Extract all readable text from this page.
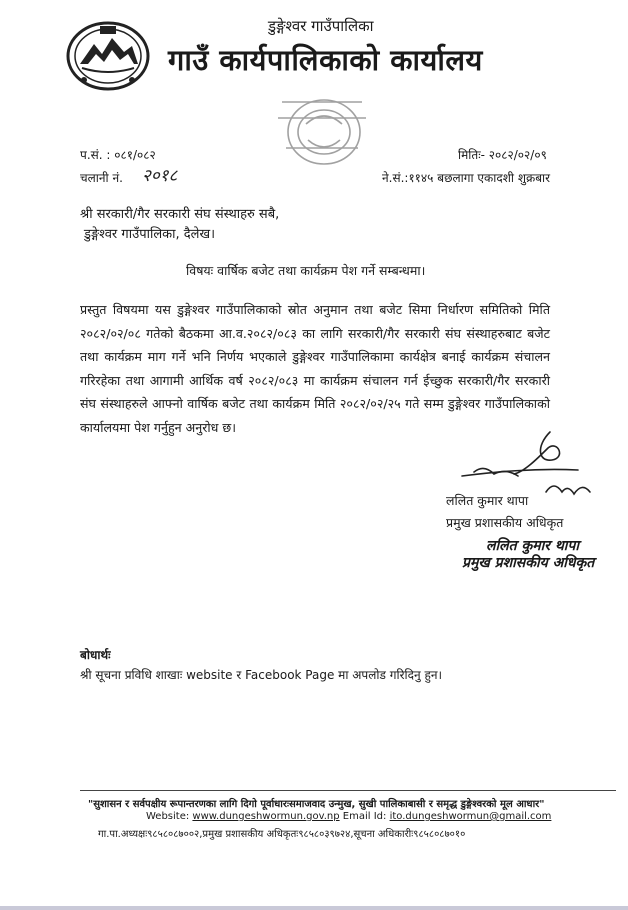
डुङ्गेश्वर गाउँपालिका
गाउँ कार्यपालिकाको कार्यालय
प.सं. : ०८१/०८२
चलानी नं. २०१८
मितिः- २०८२/०२/०९
ने.सं.:११४५ बछलागा एकादशी शुक्रबार
श्री सरकारी/गैर सरकारी संघ संस्थाहरु सबै,
डुङ्गेश्वर गाउँपालिका, दैलेख।
विषयः वार्षिक बजेट तथा कार्यक्रम पेश गर्ने सम्बन्धमा।
प्रस्तुत विषयमा यस डुङ्गेश्वर गाउँपालिकाको स्रोत अनुमान तथा बजेट सिमा निर्धारण समितिको मिति २०८२/०२/०८ गतेको बैठकमा आ.व.२०८२/०८३ का लागि सरकारी/गैर सरकारी संघ संस्थाहरुबाट बजेट तथा कार्यक्रम माग गर्ने भनि निर्णय भएकाले डुङ्गेश्वर गाउँपालिकामा कार्यक्षेत्र बनाई कार्यक्रम संचालन गरिरहेका तथा आगामी आर्थिक वर्ष २०८२/०८३ मा कार्यक्रम संचालन गर्न ईच्छुक सरकारी/गैर सरकारी संघ संस्थाहरुले आफ्नो वार्षिक बजेट तथा कार्यक्रम मिति २०८२/०२/२५ गते सम्म डुङ्गेश्वर गाउँपालिकाको कार्यालयमा पेश गर्नुहुन अनुरोध छ।
ललित कुमार थापा
प्रमुख प्रशासकीय अधिकृत
ललित कुमार थापा
प्रमुख प्रशासकीय अधिकृत
बोधार्थः
श्री सूचना प्रविधि शाखाः website र Facebook Page मा अपलोड गरिदिनु हुन।
"सुशासन र सर्वपक्षीय रूपान्तरणका लागि दिगो पूर्वाधारःसमाजवाद उन्मुख, सुखी पालिकाबासी र समृद्ध डुङ्गेश्वरको मूल आधार"
Website: www.dungeshwormun.gov.np Email Id: ito.dungeshwormun@gmail.com
गा.पा.अध्यक्षः९८५८०८७००२,प्रमुख प्रशासकीय अधिकृतः९८५८०३९७२४,सूचना अधिकारीः९८५८०८७०१०
